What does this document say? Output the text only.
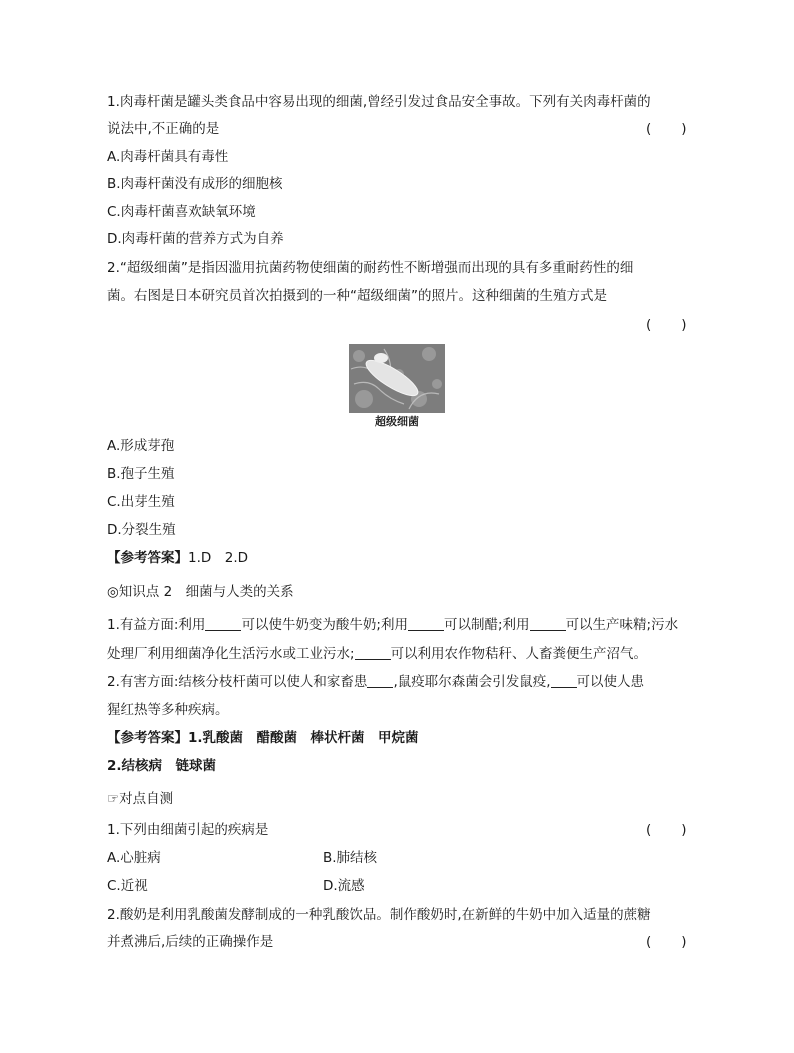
1.肉毒杆菌是罐头类食品中容易出现的细菌,曾经引发过食品安全事故。下列有关肉毒杆菌的
说法中,不正确的是	(　　)
A.肉毒杆菌具有毒性
B.肉毒杆菌没有成形的细胞核
C.肉毒杆菌喜欢缺氧环境
D.肉毒杆菌的营养方式为自养
2.“超级细菌”是指因滥用抗菌药物使细菌的耐药性不断增强而出现的具有多重耐药性的细
菌。右图是日本研究员首次拍摄到的一种“超级细菌”的照片。这种细菌的生殖方式是
(　　)
超级细菌
A.形成芽孢
B.孢子生殖
C.出芽生殖
D.分裂生殖
【参考答案】1.D　2.D
◎知识点 2　细菌与人类的关系
1.有益方面:利用	可以使牛奶变为酸牛奶;利用	可以制醋;利用	可以生产味精;污水
处理厂利用细菌净化生活污水或工业污水;	可以利用农作物秸秆、人畜粪便生产沼气。
2.有害方面:结核分枝杆菌可以使人和家畜患 ,鼠疫耶尔森菌会引发鼠疫, 可以使人患
猩红热等多种疾病。
【参考答案】1.乳酸菌　醋酸菌　棒状杆菌　甲烷菌
2.结核病　链球菌
☞对点自测
1.下列由细菌引起的疾病是	(　　)
A.心脏病	B.肺结核
C.近视	D.流感
2.酸奶是利用乳酸菌发酵制成的一种乳酸饮品。制作酸奶时,在新鲜的牛奶中加入适量的蔗糖
并煮沸后,后续的正确操作是	(　　)
